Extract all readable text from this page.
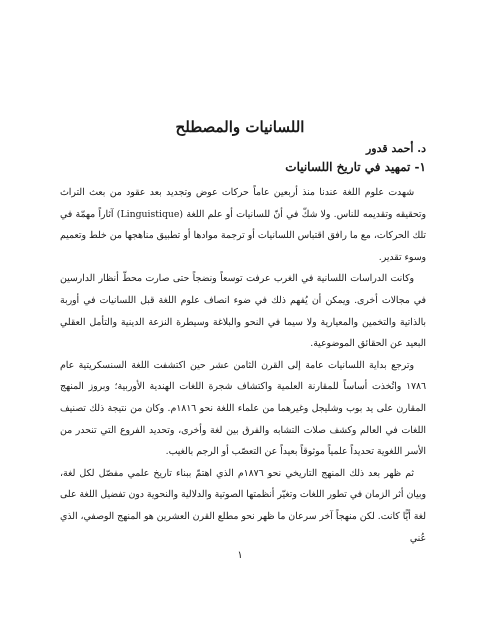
اللسانيات والمصطلح
د. أحمد قدور
١- تمهيد في تاريخ اللسانيات

شهدت علوم اللغة عندنا منذ أربعين عاماً حركات عوض وتجديد بعد عقود من بعث التراث وتحقيقه وتقديمه للناس. ولا شكّ في أنّ للسانيات أو علم اللغة (Linguistique) آثاراً مهمّة في تلك الحركات، مع ما رافق اقتباس اللسانيات أو ترجمة موادها أو تطبيق مناهجها من خلط وتعميم وسوء تقدير.

وكانت الدراسات اللسانية في الغرب عرفت توسعاً ونضجاً حتى صارت محطّ أنظار الدارسين في مجالات أخرى. ويمكن أن يُفهم ذلك في ضوء انصاف علوم اللغة قبل اللسانيات في أوربة بالذاتية والتخمين والمعيارية ولا سيما في النحو والبلاغة وسيطرة النزعة الدينية والتأمل العقلي البعيد عن الحقائق الموضوعية.

وترجع بداية اللسانيات عامة إلى القرن الثامن عشر حين اكتشفت اللغة السنسكريتية عام ١٧٨٦ واتُخذت أساساً للمقارنة العلمية واكتشاف شجرة اللغات الهندية الأوربية؛ وبروز المنهج المقارن على يد بوب وشليجل وغيرهما من علماء اللغة نحو ١٨١٦م. وكان من نتيجة ذلك تصنيف اللغات في العالم وكشف صلات التشابه والفرق بين لغة وأخرى، وتحديد الفروع التي تنحدر من الأسر اللغوية تحديداً علمياً موثوقاً بعيداً عن التعصّب أو الرجم بالغيب.

ثم ظهر بعد ذلك المنهج التاريخي نحو ١٨٧٦م الذي اهتمّ ببناء تاريخ علمي مفصّل لكل لغة، وبيان أثر الزمان في تطور اللغات وتغيّر أنظمتها الصوتية والدلالية والنحوية دون تفضيل اللغة على لغة أيًّا كانت. لكن منهجاً آخر سرعان ما ظهر نحو مطلع القرن العشرين هو المنهج الوصفي، الذي عُني

١
